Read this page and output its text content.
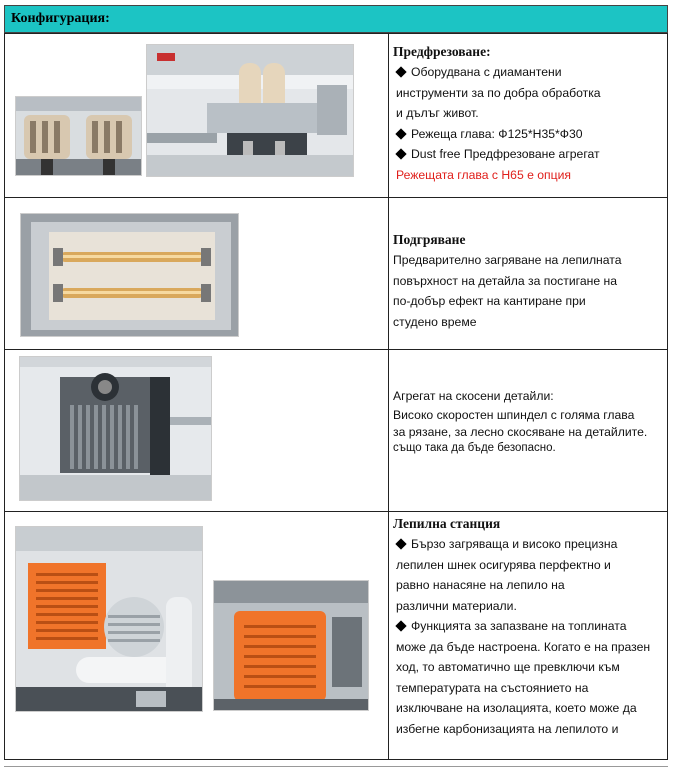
Конфигурация:
Предфрезоване:
Оборудвана с диамантени
инструменти за по добра обработка
и дълъг живот.
Режеща глава: Ф125*H35*Ф30
Dust free Предфрезоване агрегат
Режещата глава с H65 е опция
Подгряване
Предварително загряване на лепилната
повърхност на детайла за постигане на
по-добър ефект на кантиране при
студено време
Агрегат на скосени детайли:
Високо скоростен шпиндел с голяма глава
за рязане, за лесно скосяване на детайлите.
също така да бъде безопасно.
Лепилна станция
Бързо загряваща и високо прецизна
лепилен шнек осигурява перфектно и
равно нанасяне на лепило на
различни материали.
Функцията за запазване на топлината
може да бъде настроена. Когато е на празен
ход, то автоматично ще превключи към
температурата на състоянието на
изключване на изолацията, което може да
избегне карбонизацията на лепилото и
